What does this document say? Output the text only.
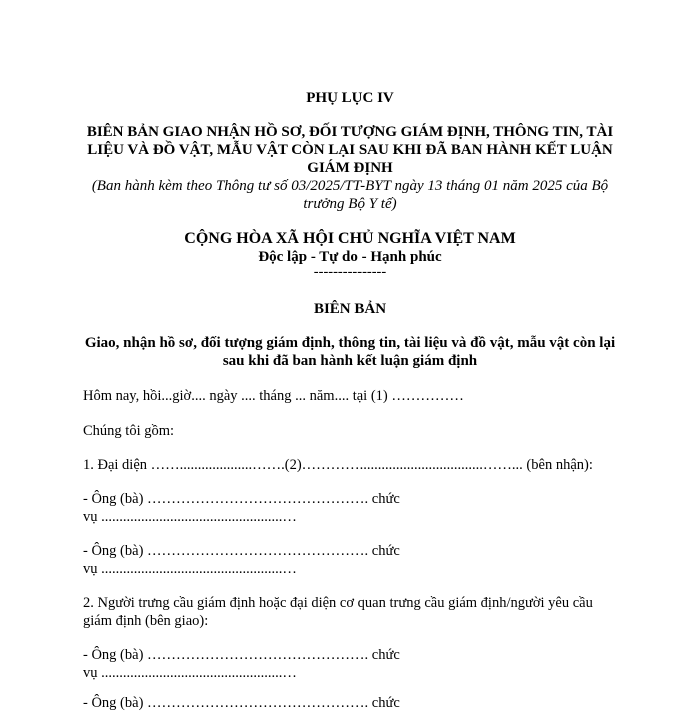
PHỤ LỤC IV
BIÊN BẢN GIAO NHẬN HỒ SƠ, ĐỐI TƯỢNG GIÁM ĐỊNH, THÔNG TIN, TÀI
LIỆU VÀ ĐỒ VẬT, MẪU VẬT CÒN LẠI SAU KHI ĐÃ BAN HÀNH KẾT LUẬN
GIÁM ĐỊNH
(Ban hành kèm theo Thông tư số 03/2025/TT-BYT ngày 13 tháng 01 năm 2025 của Bộ
trưởng Bộ Y tế)
CỘNG HÒA XÃ HỘI CHỦ NGHĨA VIỆT NAM
Độc lập - Tự do - Hạnh phúc
---------------
BIÊN BẢN
Giao, nhận hồ sơ, đối tượng giám định, thông tin, tài liệu và đồ vật, mẫu vật còn lại
sau khi đã ban hành kết luận giám định
Hôm nay, hồi...giờ.... ngày .... tháng ... năm.... tại (1) ……………
Chúng tôi gồm:
1. Đại diện ……....................…….(2)…………..................................……... (bên nhận):
- Ông (bà) ………………………………………. chức
vụ ..................................................…
- Ông (bà) ………………………………………. chức
vụ ..................................................…
2. Người trưng cầu giám định hoặc đại diện cơ quan trưng cầu giám định/người yêu cầu
giám định (bên giao):
- Ông (bà) ………………………………………. chức
vụ ..................................................…
- Ông (bà) ………………………………………. chức
